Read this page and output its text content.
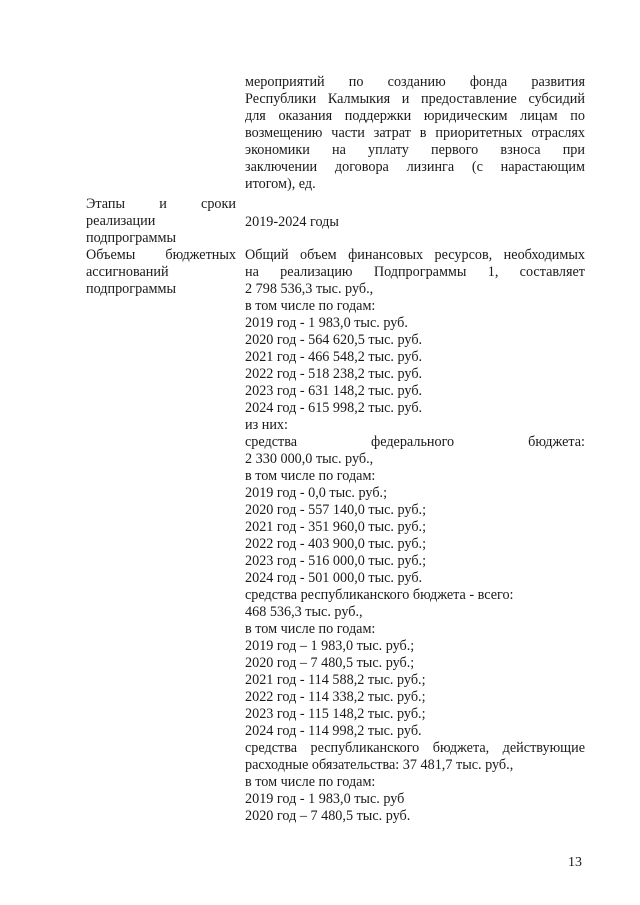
мероприятий по созданию фонда развития
Республики Калмыкия и предоставление субсидий
для оказания поддержки юридическим лицам по
возмещению части затрат в приоритетных отраслях
экономики на уплату первого взноса при
заключении договора лизинга (с нарастающим
итогом), ед.
Этапы и сроки
реализации
подпрограммы
2019-2024 годы
Объемы бюджетных
ассигнований
подпрограммы
Общий объем финансовых ресурсов, необходимых
на реализацию Подпрограммы 1, составляет
2 798 536,3 тыс. руб.,
в том числе по годам:
2019 год - 1 983,0 тыс. руб.
2020 год - 564 620,5 тыс. руб.
2021 год - 466 548,2 тыс. руб.
2022 год - 518 238,2 тыс. руб.
2023 год - 631 148,2 тыс. руб.
2024 год - 615 998,2 тыс. руб.
из них:
средства федерального бюджета:
2 330 000,0 тыс. руб.,
в том числе по годам:
2019 год - 0,0 тыс. руб.;
2020 год - 557 140,0 тыс. руб.;
2021 год - 351 960,0 тыс. руб.;
2022 год - 403 900,0 тыс. руб.;
2023 год - 516 000,0 тыс. руб.;
2024 год - 501 000,0 тыс. руб.
средства республиканского бюджета - всего:
468 536,3 тыс. руб.,
в том числе по годам:
2019 год – 1 983,0 тыс. руб.;
2020 год – 7 480,5 тыс. руб.;
2021 год - 114 588,2 тыс. руб.;
2022 год - 114 338,2 тыс. руб.;
2023 год - 115 148,2 тыс. руб.;
2024 год - 114 998,2 тыс. руб.
средства республиканского бюджета, действующие
расходные обязательства: 37 481,7 тыс. руб.,
в том числе по годам:
2019 год - 1 983,0 тыс. руб
2020 год – 7 480,5 тыс. руб.
13
